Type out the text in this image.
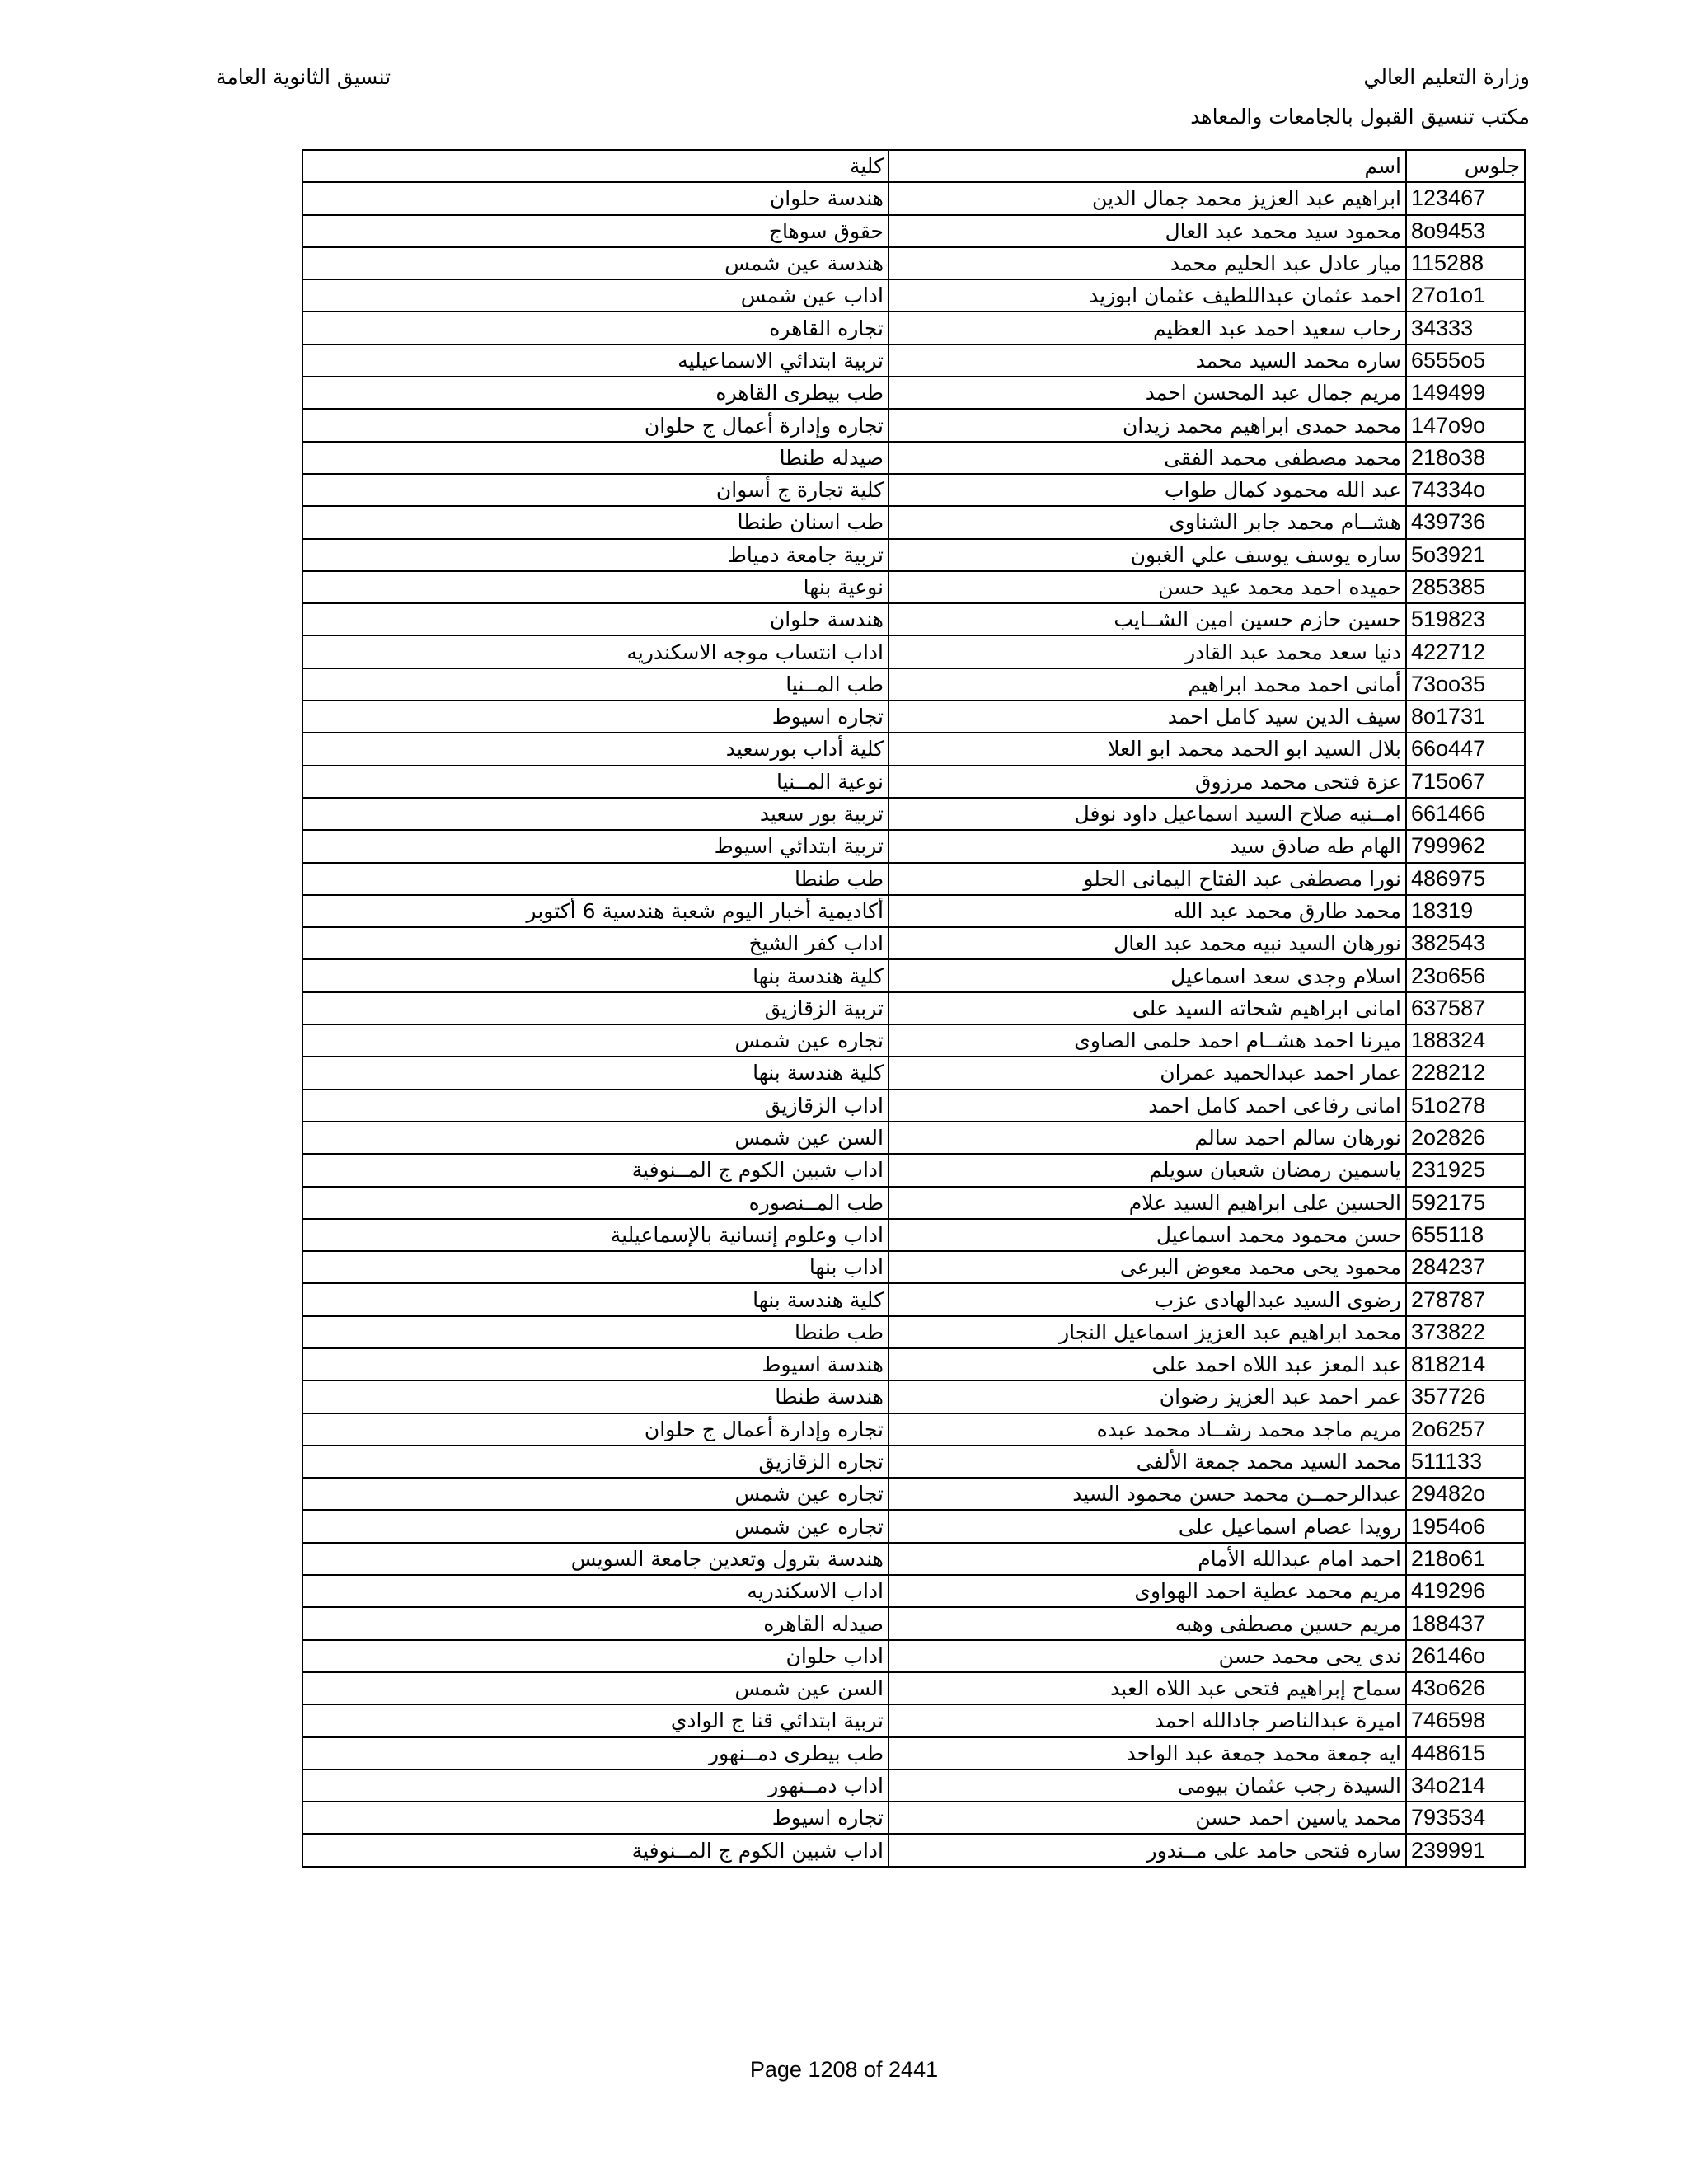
وزارة التعليم العالي
مكتب تنسيق القبول بالجامعات والمعاهد
تنسيق الثانوية العامة
جلوس	اسم	كلية
123467	ابراهيم عبد العزيز محمد جمال الدين	هندسة حلوان
8o9453	محمود سيد محمد عبد العال	حقوق سوهاج
115288	ميار عادل عبد الحليم محمد	هندسة عين شمس
27o1o1	احمد عثمان عبداللطيف عثمان ابوزيد	اداب عين شمس
34333	رحاب سعيد احمد عبد العظيم	تجاره القاهره
6555o5	ساره محمد السيد محمد	تربية ابتدائي الاسماعيليه
149499	مريم جمال عبد المحسن احمد	طب بيطرى القاهره
147o9o	محمد حمدى ابراهيم محمد زيدان	تجاره وإدارة أعمال ج حلوان
218o38	محمد مصطفى محمد الفقى	صيدله طنطا
74334o	عبد الله محمود كمال طواب	كلية تجارة ج أسوان
439736	هشــام محمد جابر الشناوى	طب اسنان طنطا
5o3921	ساره يوسف يوسف علي الغبون	تربية جامعة دمياط
285385	حميده احمد محمد عيد حسن	نوعية بنها
519823	حسين حازم حسين امين الشــايب	هندسة حلوان
422712	دنيا سعد محمد عبد القادر	اداب انتساب موجه الاسكندريه
73oo35	أمانى احمد محمد ابراهيم	طب المــنيا
8o1731	سيف الدين سيد كامل احمد	تجاره اسيوط
66o447	بلال السيد ابو الحمد محمد ابو العلا	كلية أداب بورسعيد
715o67	عزة فتحى محمد مرزوق	نوعية المــنيا
661466	امــنيه صلاح السيد اسماعيل داود نوفل	تربية بور سعيد
799962	الهام طه صادق سيد	تربية ابتدائي اسيوط
486975	نورا مصطفى عبد الفتاح اليمانى الحلو	طب طنطا
18319	محمد طارق محمد عبد الله	أكاديمية أخبار اليوم شعبة هندسية 6 أكتوبر
382543	نورهان السيد نبيه محمد عبد العال	اداب كفر الشيخ
23o656	اسلام وجدى سعد اسماعيل	كلية هندسة بنها
637587	امانى ابراهيم شحاته السيد على	تربية الزقازيق
188324	ميرنا احمد هشــام احمد حلمى الصاوى	تجاره عين شمس
228212	عمار احمد عبدالحميد عمران	كلية هندسة بنها
51o278	امانى رفاعى احمد كامل احمد	اداب الزقازيق
2o2826	نورهان سالم احمد سالم	السن عين شمس
231925	ياسمين رمضان شعبان سويلم	اداب شبين الكوم ج المــنوفية
592175	الحسين على ابراهيم السيد علام	طب المــنصوره
655118	حسن محمود محمد اسماعيل	اداب وعلوم إنسانية بالإسماعيلية
284237	محمود يحى محمد معوض البرعى	اداب بنها
278787	رضوى السيد عبدالهادى عزب	كلية هندسة بنها
373822	محمد ابراهيم عبد العزيز اسماعيل النجار	طب طنطا
818214	عبد المعز عبد اللاه احمد على	هندسة اسيوط
357726	عمر احمد عبد العزيز رضوان	هندسة طنطا
2o6257	مريم ماجد محمد رشــاد محمد عبده	تجاره وإدارة أعمال ج حلوان
511133	محمد السيد محمد جمعة الألفى	تجاره الزقازيق
29482o	عبدالرحمــن محمد حسن محمود السيد	تجاره عين شمس
1954o6	رويدا عصام اسماعيل على	تجاره عين شمس
218o61	احمد امام عبدالله الأمام	هندسة بترول وتعدين جامعة السويس
419296	مريم محمد عطية احمد الهواوى	اداب الاسكندريه
188437	مريم حسين مصطفى وهبه	صيدله القاهره
26146o	ندى يحى محمد حسن	اداب حلوان
43o626	سماح إبراهيم فتحى عبد اللاه العبد	السن عين شمس
746598	اميرة عبدالناصر جادالله احمد	تربية ابتدائي قنا ج الوادي
448615	ايه جمعة محمد جمعة عبد الواحد	طب بيطرى دمــنهور
34o214	السيدة رجب عثمان بيومى	اداب دمــنهور
793534	محمد ياسين احمد حسن	تجاره اسيوط
239991	ساره فتحى حامد على مــندور	اداب شبين الكوم ج المــنوفية
Page 1208 of 2441
